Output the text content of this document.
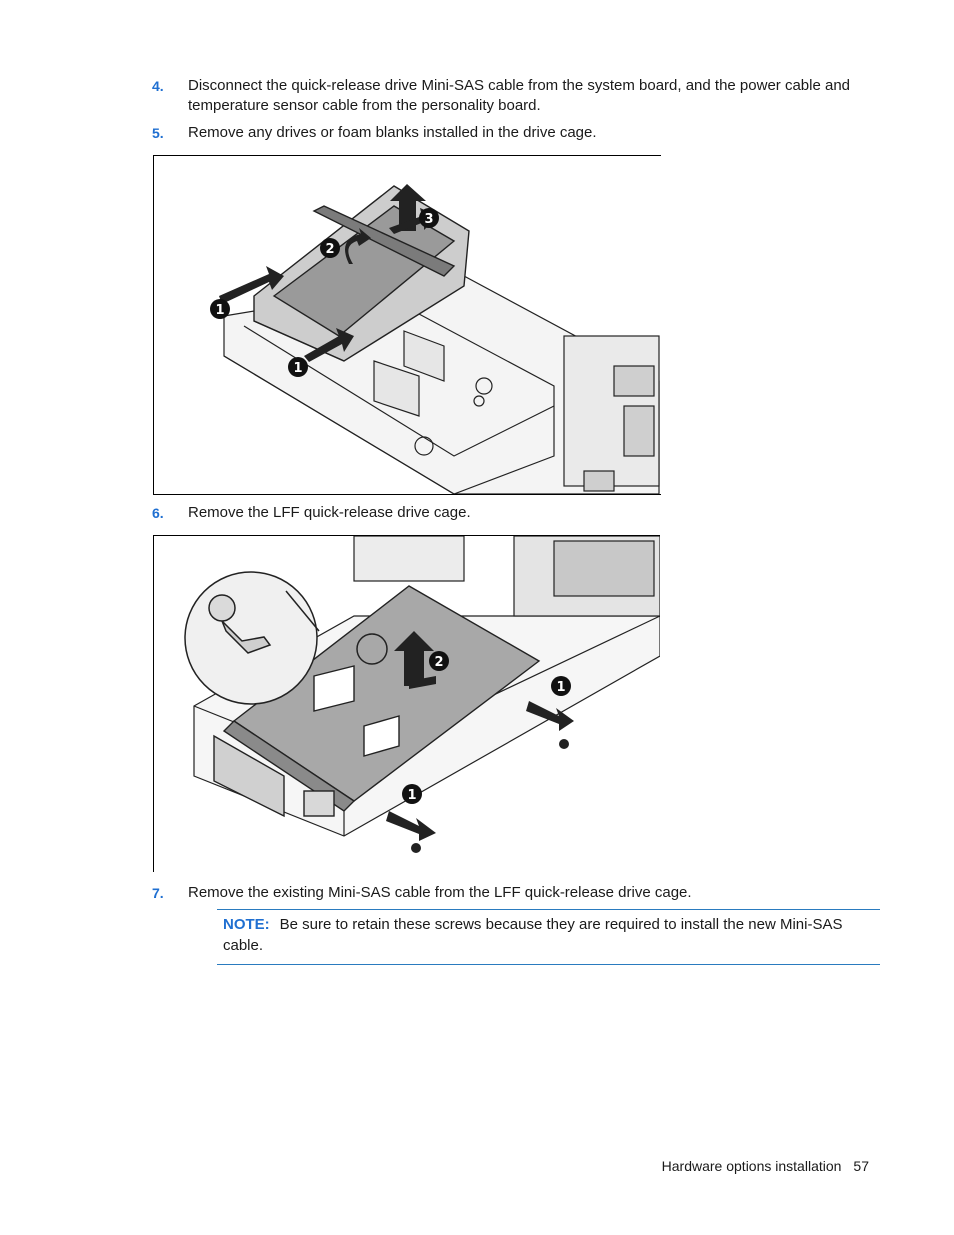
4. Disconnect the quick-release drive Mini-SAS cable from the system board, and the power cable and temperature sensor cable from the personality board.
5. Remove any drives or foam blanks installed in the drive cage.
1
1
2
3
6. Remove the LFF quick-release drive cage.
1
1
2
7. Remove the existing Mini-SAS cable from the LFF quick-release drive cage.
NOTE: Be sure to retain these screws because they are required to install the new Mini-SAS cable.
Hardware options installation 57
